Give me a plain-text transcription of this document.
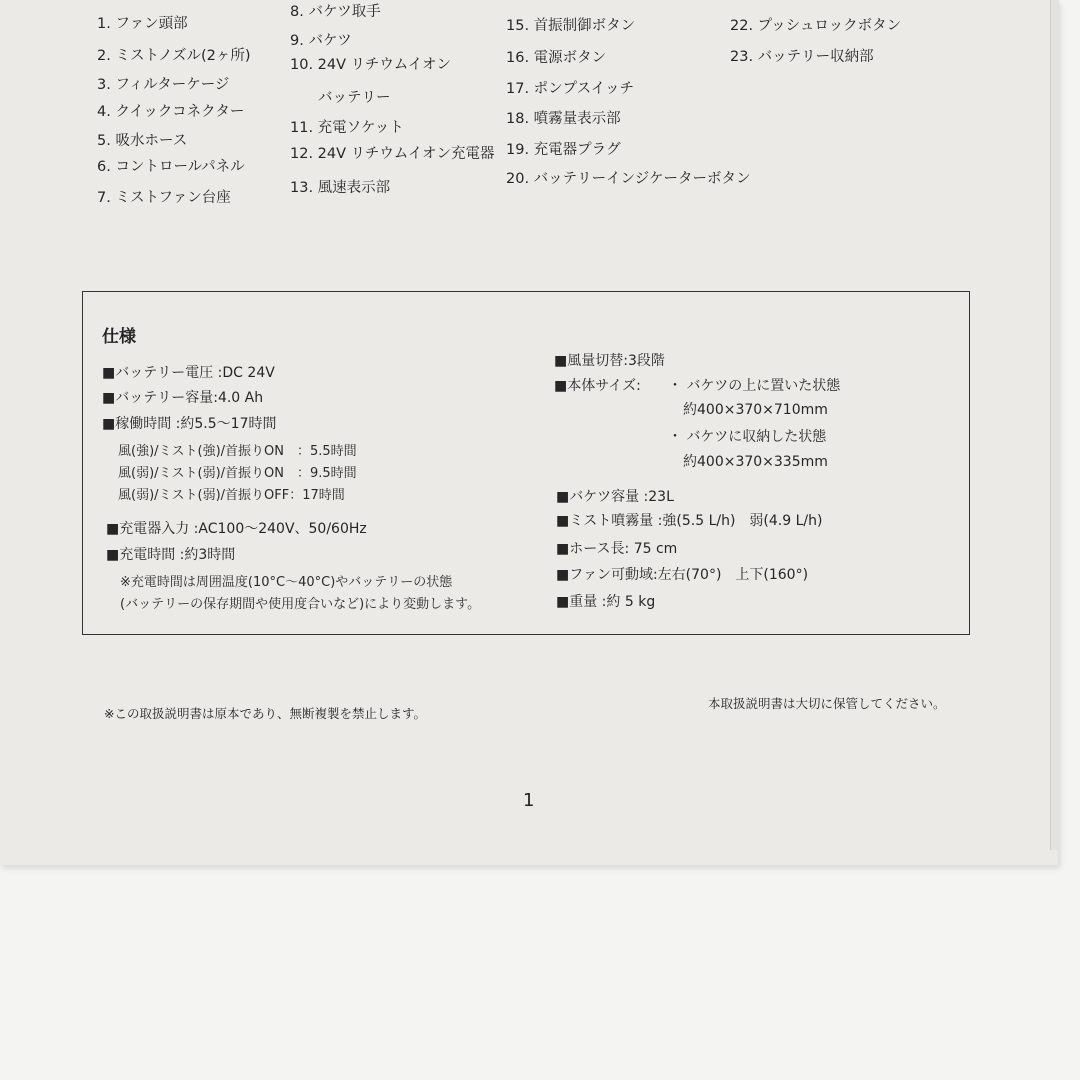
1. ファン頭部
2. ミストノズル(2ヶ所)
3. フィルターケージ
4. クイックコネクター
5. 吸水ホース
6. コントロールパネル
7. ミストファン台座
8. バケツ取手
9. バケツ
10. 24V リチウムイオン
バッテリー
11. 充電ソケット
12. 24V リチウムイオン充電器
13. 風速表示部
15. 首振制御ボタン
16. 電源ボタン
17. ポンプスイッチ
18. 噴霧量表示部
19. 充電器プラグ
20. バッテリーインジケーターボタン
22. プッシュロックボタン
23. バッテリー収納部
仕様
■ バッテリー電圧 :DC 24V
■ バッテリー容量:4.0 Ah
■ 稼働時間 :約5.5～17時間
風(強)/ミスト(強)/首振りON　：5.5時間
風(弱)/ミスト(弱)/首振りON　：9.5時間
風(弱)/ミスト(弱)/首振りOFF：17時間
■ 充電器入力 :AC100～240V、50/60Hz
■ 充電時間 :約3時間
※充電時間は周囲温度(10°C～40°C)やバッテリーの状態
(バッテリーの保存期間や使用度合いなど)により変動します。
■ 風量切替:3段階
■ 本体サイズ: ・ バケツの上に置いた状態
約400×370×710mm
・ バケツに収納した状態
約400×370×335mm
■ バケツ容量 :23L
■ ミスト噴霧量 :強(5.5 L/h)　弱(4.9 L/h)
■ ホース長: 75 cm
■ ファン可動域:左右(70°)　上下(160°)
■ 重量 :約 5 kg
※この取扱説明書は原本であり、無断複製を禁止します。
本取扱説明書は大切に保管してください。
1
